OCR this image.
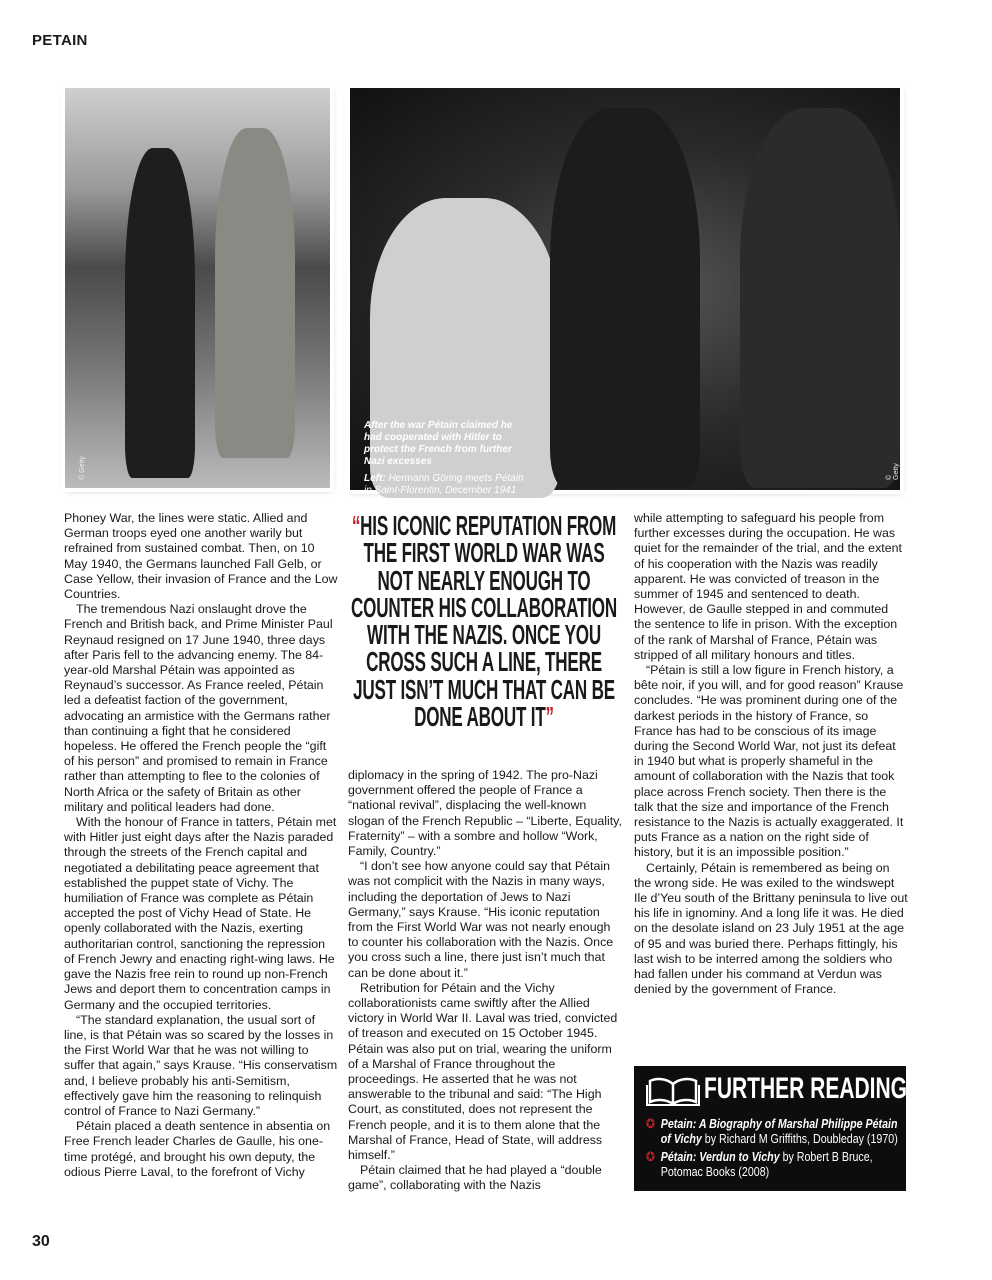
PETAIN
© Getty

After the war Pétain claimed he had cooperated with Hitler to protect the French from further Nazi excesses

Left: Hermann Göring meets Pétain in Saint-Florentin, December 1941

© Getty

Phoney War, the lines were static. Allied and German troops eyed one another warily but refrained from sustained combat. Then, on 10 May 1940, the Germans launched Fall Gelb, or Case Yellow, their invasion of France and the Low Countries.

The tremendous Nazi onslaught drove the French and British back, and Prime Minister Paul Reynaud resigned on 17 June 1940, three days after Paris fell to the advancing enemy. The 84-year-old Marshal Pétain was appointed as Reynaud’s successor. As France reeled, Pétain led a defeatist faction of the government, advocating an armistice with the Germans rather than continuing a fight that he considered hopeless. He offered the French people the “gift of his person” and promised to remain in France rather than attempting to flee to the colonies of North Africa or the safety of Britain as other military and political leaders had done.

With the honour of France in tatters, Pétain met with Hitler just eight days after the Nazis paraded through the streets of the French capital and negotiated a debilitating peace agreement that established the puppet state of Vichy. The humiliation of France was complete as Pétain accepted the post of Vichy Head of State. He openly collaborated with the Nazis, exerting authoritarian control, sanctioning the repression of French Jewry and enacting right-wing laws. He gave the Nazis free rein to round up non-French Jews and deport them to concentration camps in Germany and the occupied territories.

“The standard explanation, the usual sort of line, is that Pétain was so scared by the losses in the First World War that he was not willing to suffer that again,” says Krause. “His conservatism and, I believe probably his anti-Semitism, effectively gave him the reasoning to relinquish control of France to Nazi Germany.”

Pétain placed a death sentence in absentia on Free French leader Charles de Gaulle, his one-time protégé, and brought his own deputy, the odious Pierre Laval, to the forefront of Vichy

“HIS ICONIC REPUTATION FROM THE FIRST WORLD WAR WAS NOT NEARLY ENOUGH TO COUNTER HIS COLLABORATION WITH THE NAZIS. ONCE YOU CROSS SUCH A LINE, THERE JUST ISN’T MUCH THAT CAN BE DONE ABOUT IT”

diplomacy in the spring of 1942. The pro-Nazi government offered the people of France a “national revival”, displacing the well-known slogan of the French Republic – “Liberte, Equality, Fraternity” – with a sombre and hollow “Work, Family, Country.”

“I don’t see how anyone could say that Pétain was not complicit with the Nazis in many ways, including the deportation of Jews to Nazi Germany,” says Krause. “His iconic reputation from the First World War was not nearly enough to counter his collaboration with the Nazis. Once you cross such a line, there just isn’t much that can be done about it.”

Retribution for Pétain and the Vichy collaborationists came swiftly after the Allied victory in World War II. Laval was tried, convicted of treason and executed on 15 October 1945. Pétain was also put on trial, wearing the uniform of a Marshal of France throughout the proceedings. He asserted that he was not answerable to the tribunal and said: “The High Court, as constituted, does not represent the French people, and it is to them alone that the Marshal of France, Head of State, will address himself.”

Pétain claimed that he had played a “double game”, collaborating with the Nazis

while attempting to safeguard his people from further excesses during the occupation. He was quiet for the remainder of the trial, and the extent of his cooperation with the Nazis was readily apparent. He was convicted of treason in the summer of 1945 and sentenced to death. However, de Gaulle stepped in and commuted the sentence to life in prison. With the exception of the rank of Marshal of France, Pétain was stripped of all military honours and titles.

“Pétain is still a low figure in French history, a bête noir, if you will, and for good reason” Krause concludes. “He was prominent during one of the darkest periods in the history of France, so France has had to be conscious of its image during the Second World War, not just its defeat in 1940 but what is properly shameful in the amount of collaboration with the Nazis that took place across French society. Then there is the talk that the size and importance of the French resistance to the Nazis is actually exaggerated. It puts France as a nation on the right side of history, but it is an impossible position.”

Certainly, Pétain is remembered as being on the wrong side. He was exiled to the windswept Ile d’Yeu south of the Brittany peninsula to live out his life in ignominy. And a long life it was. He died on the desolate island on 23 July 1951 at the age of 95 and was buried there. Perhaps fittingly, his last wish to be interred among the soldiers who had fallen under his command at Verdun was denied by the government of France.

FURTHER READING
✪ Petain: A Biography of Marshal Philippe Pétain of Vichy by Richard M Griffiths, Doubleday (1970)
✪ Pétain: Verdun to Vichy by Robert B Bruce, Potomac Books (2008)
30
